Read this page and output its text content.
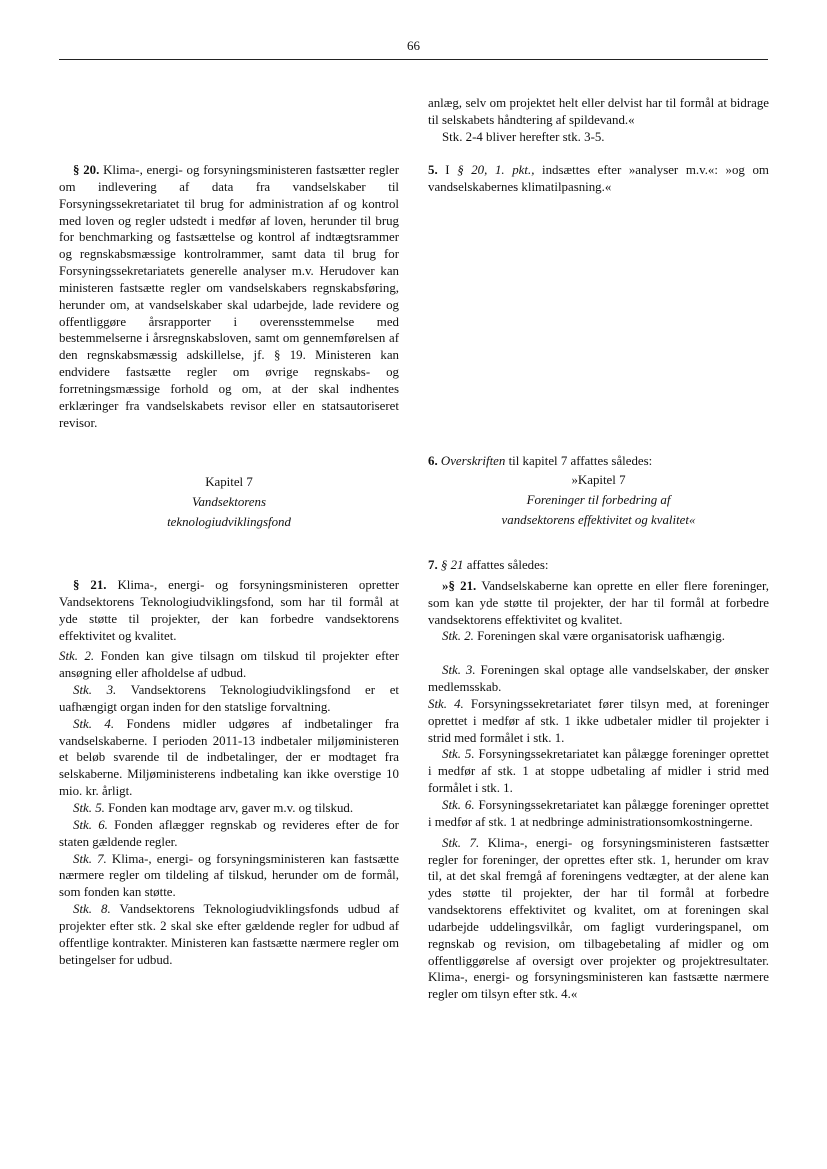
66

§ 20. Klima-, energi- og forsyningsministeren fastsætter regler om indlevering af data fra vandselskaber til Forsyningssekretariatet til brug for administration af og kontrol med loven og regler udstedt i medfør af loven, herunder til brug for benchmarking og fastsættelse og kontrol af indtægtsrammer og regnskabsmæssige kontrolrammer, samt data til brug for Forsyningssekretariatets generelle analyser m.v. Herudover kan ministeren fastsætte regler om vandselskabers regnskabsføring, herunder om, at vandselskaber skal udarbejde, lade revidere og offentliggøre årsrapporter i overensstemmelse med bestemmelserne i årsregnskabsloven, samt om gennemførelsen af den regnskabsmæssig adskillelse, jf. § 19. Ministeren kan endvidere fastsætte regler om øvrige regnskabs- og forretningsmæssige forhold og om, at der skal indhentes erklæringer fra vandselskabets revisor eller en statsautoriseret revisor.

Kapitel 7
Vandsektorens
teknologiudviklingsfond

§ 21. Klima-, energi- og forsyningsministeren opretter Vandsektorens Teknologiudviklingsfond, som har til formål at yde støtte til projekter, der kan forbedre vandsektorens effektivitet og kvalitet.

Stk. 2. Fonden kan give tilsagn om tilskud til projekter efter ansøgning eller afholdelse af udbud.

Stk. 3. Vandsektorens Teknologiudviklingsfond er et uafhængigt organ inden for den statslige forvaltning.

Stk. 4. Fondens midler udgøres af indbetalinger fra vandselskaberne. I perioden 2011-13 indbetaler miljøministeren et beløb svarende til de indbetalinger, der er modtaget fra selskaberne. Miljøministerens indbetaling kan ikke overstige 10 mio. kr. årligt.

Stk. 5. Fonden kan modtage arv, gaver m.v. og tilskud.

Stk. 6. Fonden aflægger regnskab og revideres efter de for staten gældende regler.

Stk. 7. Klima-, energi- og forsyningsministeren kan fastsætte nærmere regler om tildeling af tilskud, herunder om de formål, som fonden kan støtte.

Stk. 8. Vandsektorens Teknologiudviklingsfonds udbud af projekter efter stk. 2 skal ske efter gældende regler for udbud af offentlige kontrakter. Ministeren kan fastsætte nærmere regler om betingelser for udbud.

anlæg, selv om projektet helt eller delvist har til formål at bidrage til selskabets håndtering af spildevand.«

Stk. 2-4 bliver herefter stk. 3-5.

5. I § 20, 1. pkt., indsættes efter »analyser m.v.«: »og om vandselskabernes klimatilpasning.«

6. Overskriften til kapitel 7 affattes således:

»Kapitel 7
Foreninger til forbedring af
vandsektorens effektivitet og kvalitet«

7. § 21 affattes således:

»§ 21. Vandselskaberne kan oprette en eller flere foreninger, som kan yde støtte til projekter, der har til formål at forbedre vandsektorens effektivitet og kvalitet.

Stk. 2. Foreningen skal være organisatorisk uafhængig.

Stk. 3. Foreningen skal optage alle vandselskaber, der ønsker medlemsskab.

Stk. 4. Forsyningssekretariatet fører tilsyn med, at foreninger oprettet i medfør af stk. 1 ikke udbetaler midler til projekter i strid med formålet i stk. 1.

Stk. 5. Forsyningssekretariatet kan pålægge foreninger oprettet i medfør af stk. 1 at stoppe udbetaling af midler i strid med formålet i stk. 1.

Stk. 6. Forsyningssekretariatet kan pålægge foreninger oprettet i medfør af stk. 1 at nedbringe administrationsomkostningerne.

Stk. 7. Klima-, energi- og forsyningsministeren fastsætter regler for foreninger, der oprettes efter stk. 1, herunder om krav til, at det skal fremgå af foreningens vedtægter, at der alene kan ydes støtte til projekter, der har til formål at forbedre vandsektorens effektivitet og kvalitet, om at foreningen skal udarbejde uddelingsvilkår, om fagligt vurderingspanel, om regnskab og revision, om tilbagebetaling af midler og om offentliggørelse af oversigt over projekter og projektresultater. Klima-, energi- og forsyningsministeren kan fastsætte nærmere regler om tilsyn efter stk. 4.«
